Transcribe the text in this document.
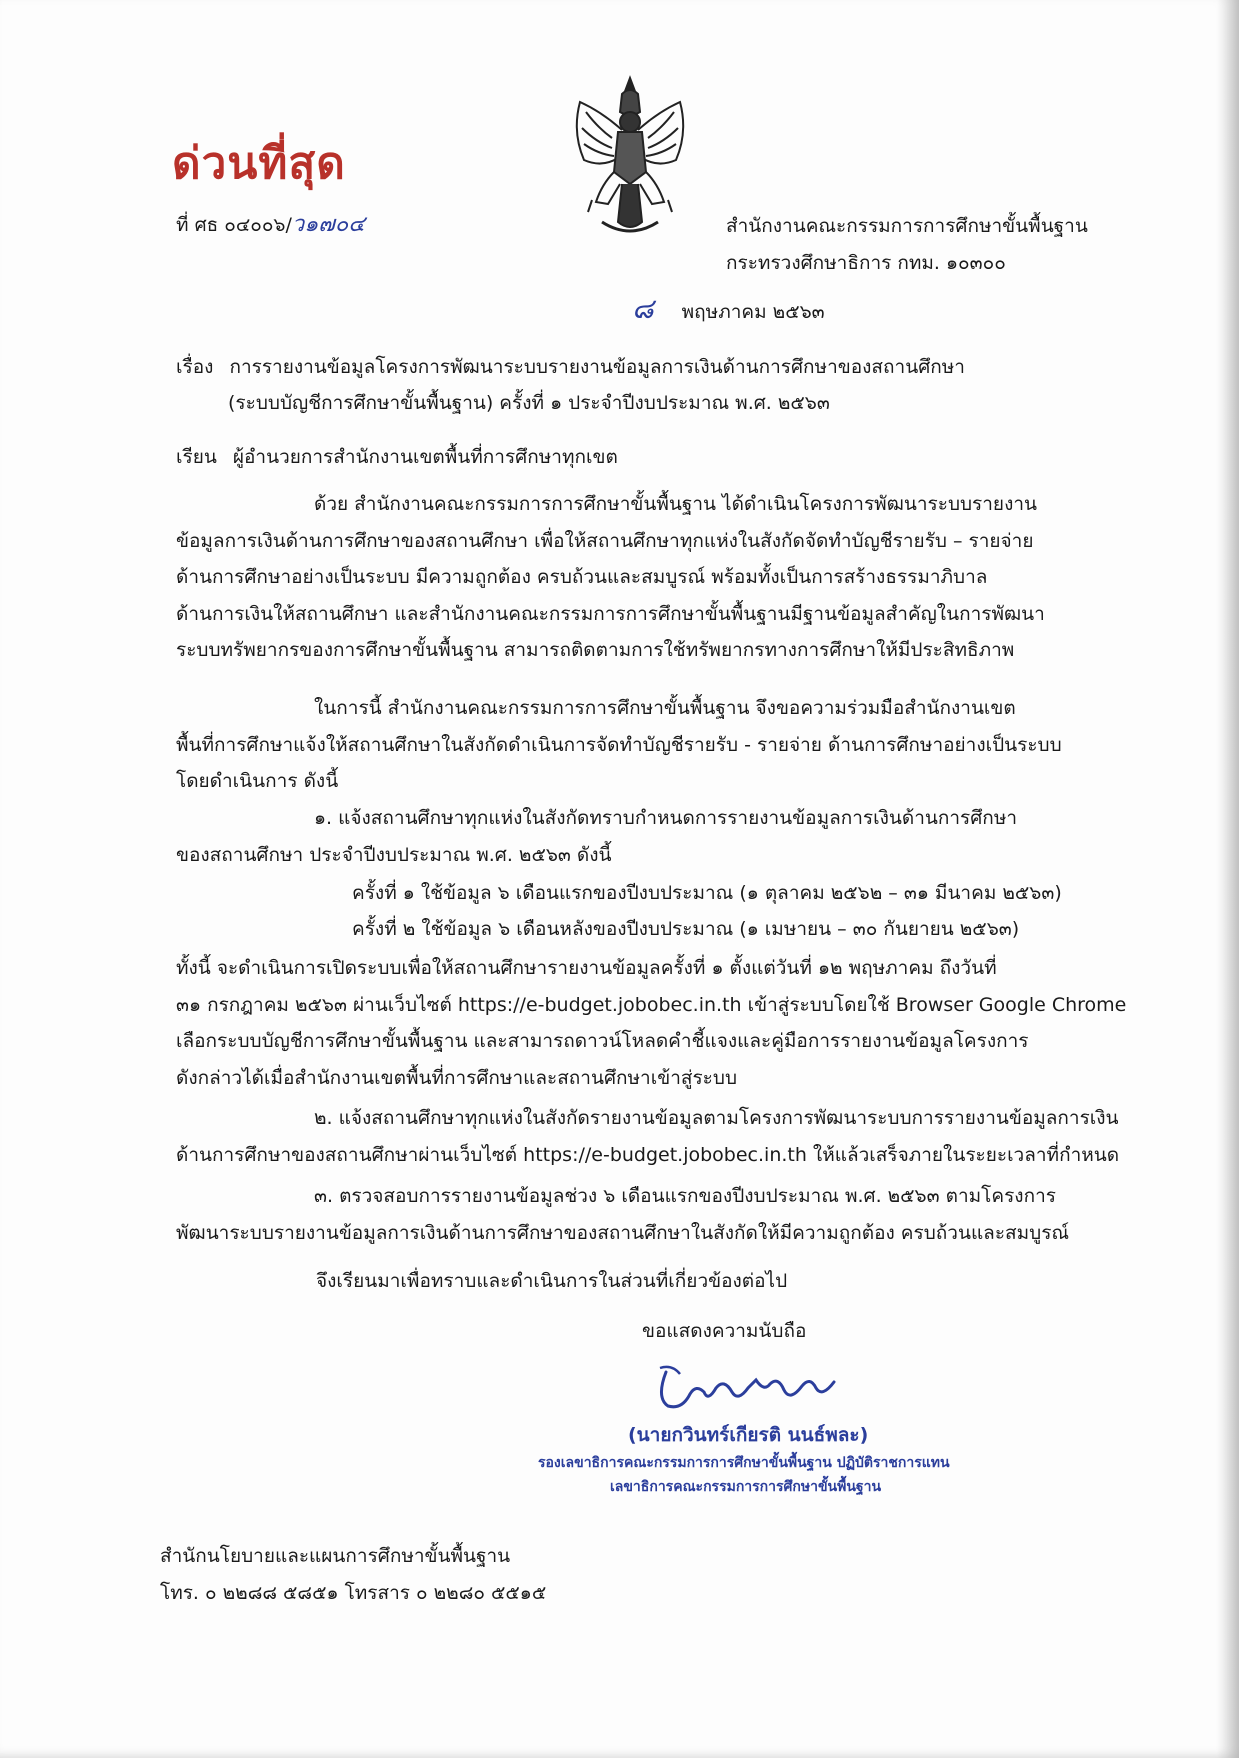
ด่วนที่สุด
ที่ ศธ ๐๔๐๐๖/ว๑๗๐๔	สำนักงานคณะกรรมการการศึกษาขั้นพื้นฐาน
กระทรวงศึกษาธิการ กทม. ๑๐๓๐๐
๘ พฤษภาคม ๒๕๖๓
เรื่อง การรายงานข้อมูลโครงการพัฒนาระบบรายงานข้อมูลการเงินด้านการศึกษาของสถานศึกษา
(ระบบบัญชีการศึกษาขั้นพื้นฐาน) ครั้งที่ ๑ ประจำปีงบประมาณ พ.ศ. ๒๕๖๓
เรียน ผู้อำนวยการสำนักงานเขตพื้นที่การศึกษาทุกเขต
ด้วย สำนักงานคณะกรรมการการศึกษาขั้นพื้นฐาน ได้ดำเนินโครงการพัฒนาระบบรายงาน
ข้อมูลการเงินด้านการศึกษาของสถานศึกษา เพื่อให้สถานศึกษาทุกแห่งในสังกัดจัดทำบัญชีรายรับ – รายจ่าย
ด้านการศึกษาอย่างเป็นระบบ มีความถูกต้อง ครบถ้วนและสมบูรณ์ พร้อมทั้งเป็นการสร้างธรรมาภิบาล
ด้านการเงินให้สถานศึกษา และสำนักงานคณะกรรมการการศึกษาขั้นพื้นฐานมีฐานข้อมูลสำคัญในการพัฒนา
ระบบทรัพยากรของการศึกษาขั้นพื้นฐาน สามารถติดตามการใช้ทรัพยากรทางการศึกษาให้มีประสิทธิภาพ
ในการนี้ สำนักงานคณะกรรมการการศึกษาขั้นพื้นฐาน จึงขอความร่วมมือสำนักงานเขต
พื้นที่การศึกษาแจ้งให้สถานศึกษาในสังกัดดำเนินการจัดทำบัญชีรายรับ - รายจ่าย ด้านการศึกษาอย่างเป็นระบบ
โดยดำเนินการ ดังนี้
๑. แจ้งสถานศึกษาทุกแห่งในสังกัดทราบกำหนดการรายงานข้อมูลการเงินด้านการศึกษา
ของสถานศึกษา ประจำปีงบประมาณ พ.ศ. ๒๕๖๓ ดังนี้
ครั้งที่ ๑ ใช้ข้อมูล ๖ เดือนแรกของปีงบประมาณ (๑ ตุลาคม ๒๕๖๒ – ๓๑ มีนาคม ๒๕๖๓)
ครั้งที่ ๒ ใช้ข้อมูล ๖ เดือนหลังของปีงบประมาณ (๑ เมษายน – ๓๐ กันยายน ๒๕๖๓)
ทั้งนี้ จะดำเนินการเปิดระบบเพื่อให้สถานศึกษารายงานข้อมูลครั้งที่ ๑ ตั้งแต่วันที่ ๑๒ พฤษภาคม ถึงวันที่
๓๑ กรกฎาคม ๒๕๖๓ ผ่านเว็บไซต์ https://e-budget.jobobec.in.th เข้าสู่ระบบโดยใช้ Browser Google Chrome
เลือกระบบบัญชีการศึกษาขั้นพื้นฐาน และสามารถดาวน์โหลดคำชี้แจงและคู่มือการรายงานข้อมูลโครงการ
ดังกล่าวได้เมื่อสำนักงานเขตพื้นที่การศึกษาและสถานศึกษาเข้าสู่ระบบ
๒. แจ้งสถานศึกษาทุกแห่งในสังกัดรายงานข้อมูลตามโครงการพัฒนาระบบการรายงานข้อมูลการเงิน
ด้านการศึกษาของสถานศึกษาผ่านเว็บไซต์ https://e-budget.jobobec.in.th ให้แล้วเสร็จภายในระยะเวลาที่กำหนด
๓. ตรวจสอบการรายงานข้อมูลช่วง ๖ เดือนแรกของปีงบประมาณ พ.ศ. ๒๕๖๓ ตามโครงการ
พัฒนาระบบรายงานข้อมูลการเงินด้านการศึกษาของสถานศึกษาในสังกัดให้มีความถูกต้อง ครบถ้วนและสมบูรณ์
จึงเรียนมาเพื่อทราบและดำเนินการในส่วนที่เกี่ยวข้องต่อไป
ขอแสดงความนับถือ
(นายกวินทร์เกียรติ นนธ์พละ)
รองเลขาธิการคณะกรรมการการศึกษาขั้นพื้นฐาน ปฏิบัติราชการแทน
เลขาธิการคณะกรรมการการศึกษาขั้นพื้นฐาน
สำนักนโยบายและแผนการศึกษาขั้นพื้นฐาน
โทร. ๐ ๒๒๘๘ ๕๘๕๑ โทรสาร ๐ ๒๒๘๐ ๕๕๑๕
